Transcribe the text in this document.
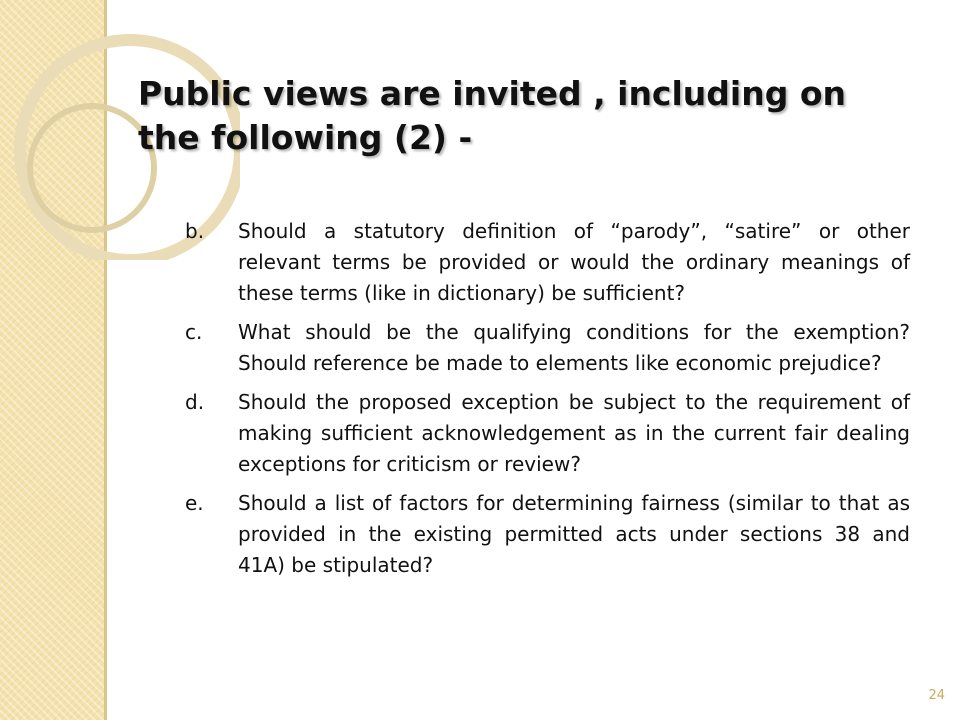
Public views are invited , including on
the following (2) -
b.	Should a statutory definition of “parody”, “satire” or other relevant terms be provided or would the ordinary meanings of these terms (like in dictionary) be sufficient?
c.	What should be the qualifying conditions for the exemption? Should reference be made to elements like economic prejudice?
d.	Should the proposed exception be subject to the requirement of making sufficient acknowledgement as in the current fair dealing exceptions for criticism or review?
e.	Should a list of factors for determining fairness (similar to that as provided in the existing permitted acts under sections 38 and 41A) be stipulated?
24
